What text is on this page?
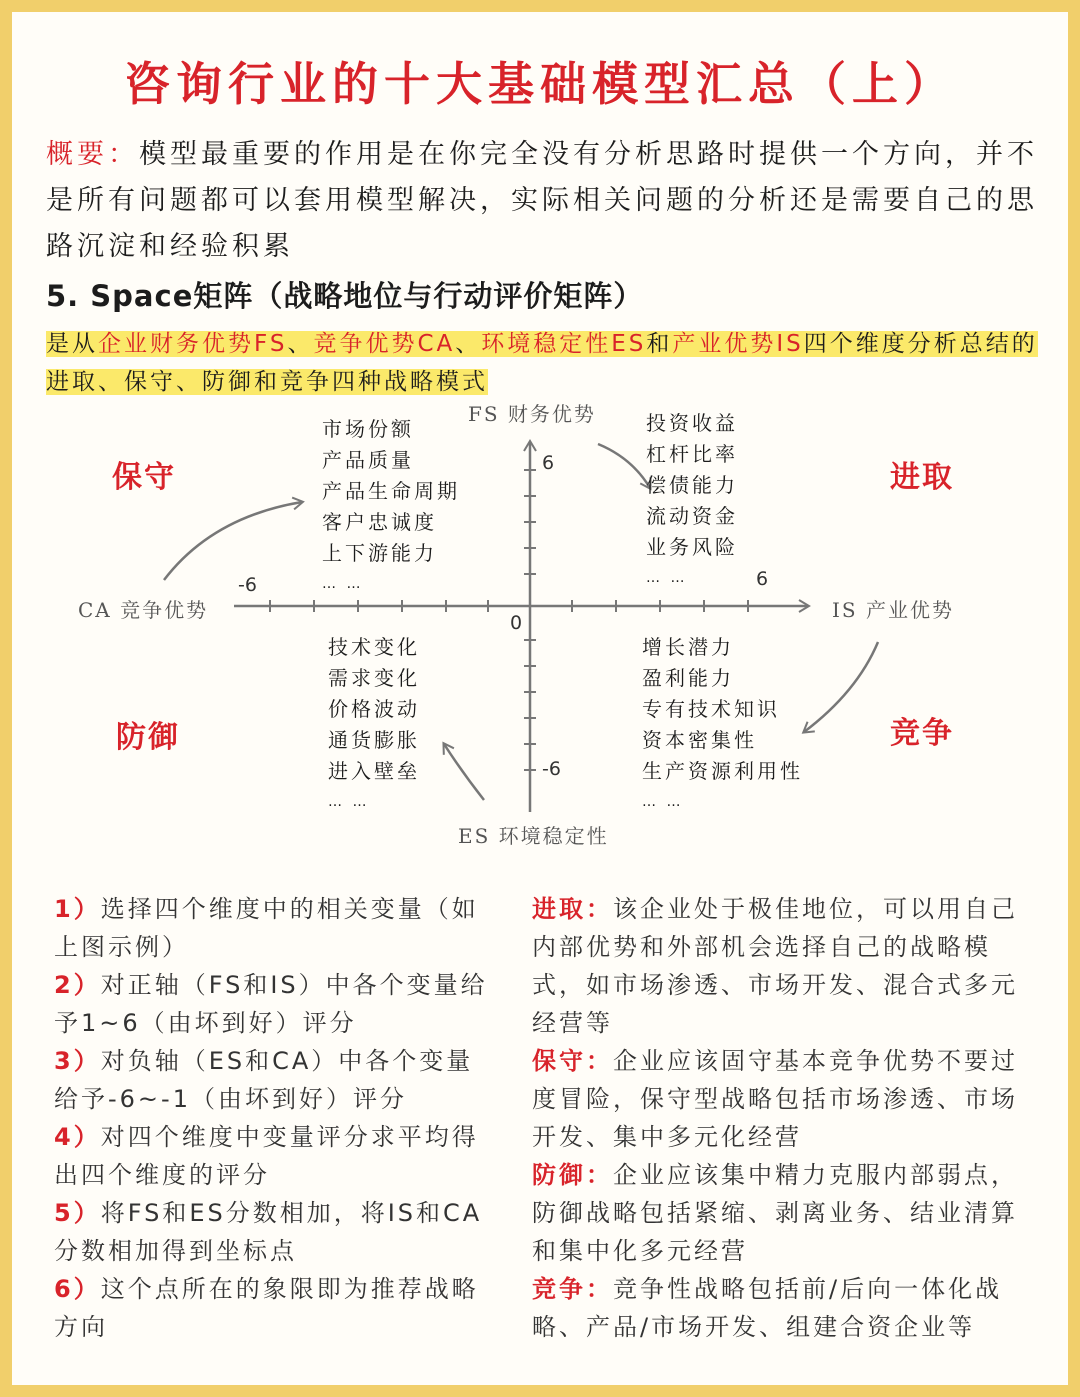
咨询行业的十大基础模型汇总（上）
概要：模型最重要的作用是在你完全没有分析思路时提供一个方向，并不是所有问题都可以套用模型解决，实际相关问题的分析还是需要自己的思路沉淀和经验积累
5. Space矩阵（战略地位与行动评价矩阵）
是从企业财务优势FS、竞争优势CA、环境稳定性ES和产业优势IS四个维度分析总结的进取、保守、防御和竞争四种战略模式
FS 财务优势
CA 竞争优势	IS 产业优势
ES 环境稳定性
0
6
-6	6
-6
保守	进取
防御	竞争
市场份额
产品质量
产品生命周期
客户忠诚度
上下游能力
… …
投资收益
杠杆比率
偿债能力
流动资金
业务风险
… …
技术变化
需求变化
价格波动
通货膨胀
进入壁垒
… …
增长潜力
盈利能力
专有技术知识
资本密集性
生产资源利用性
… …
1）选择四个维度中的相关变量（如上图示例）
2）对正轴（FS和IS）中各个变量给予1~6（由坏到好）评分
3）对负轴（ES和CA）中各个变量给予-6~-1（由坏到好）评分
4）对四个维度中变量评分求平均得出四个维度的评分
5）将FS和ES分数相加，将IS和CA分数相加得到坐标点
6）这个点所在的象限即为推荐战略方向
进取：该企业处于极佳地位，可以用自己内部优势和外部机会选择自己的战略模式，如市场渗透、市场开发、混合式多元经营等
保守：企业应该固守基本竞争优势不要过度冒险，保守型战略包括市场渗透、市场开发、集中多元化经营
防御：企业应该集中精力克服内部弱点，防御战略包括紧缩、剥离业务、结业清算和集中化多元经营
竞争：竞争性战略包括前/后向一体化战略、产品/市场开发、组建合资企业等
